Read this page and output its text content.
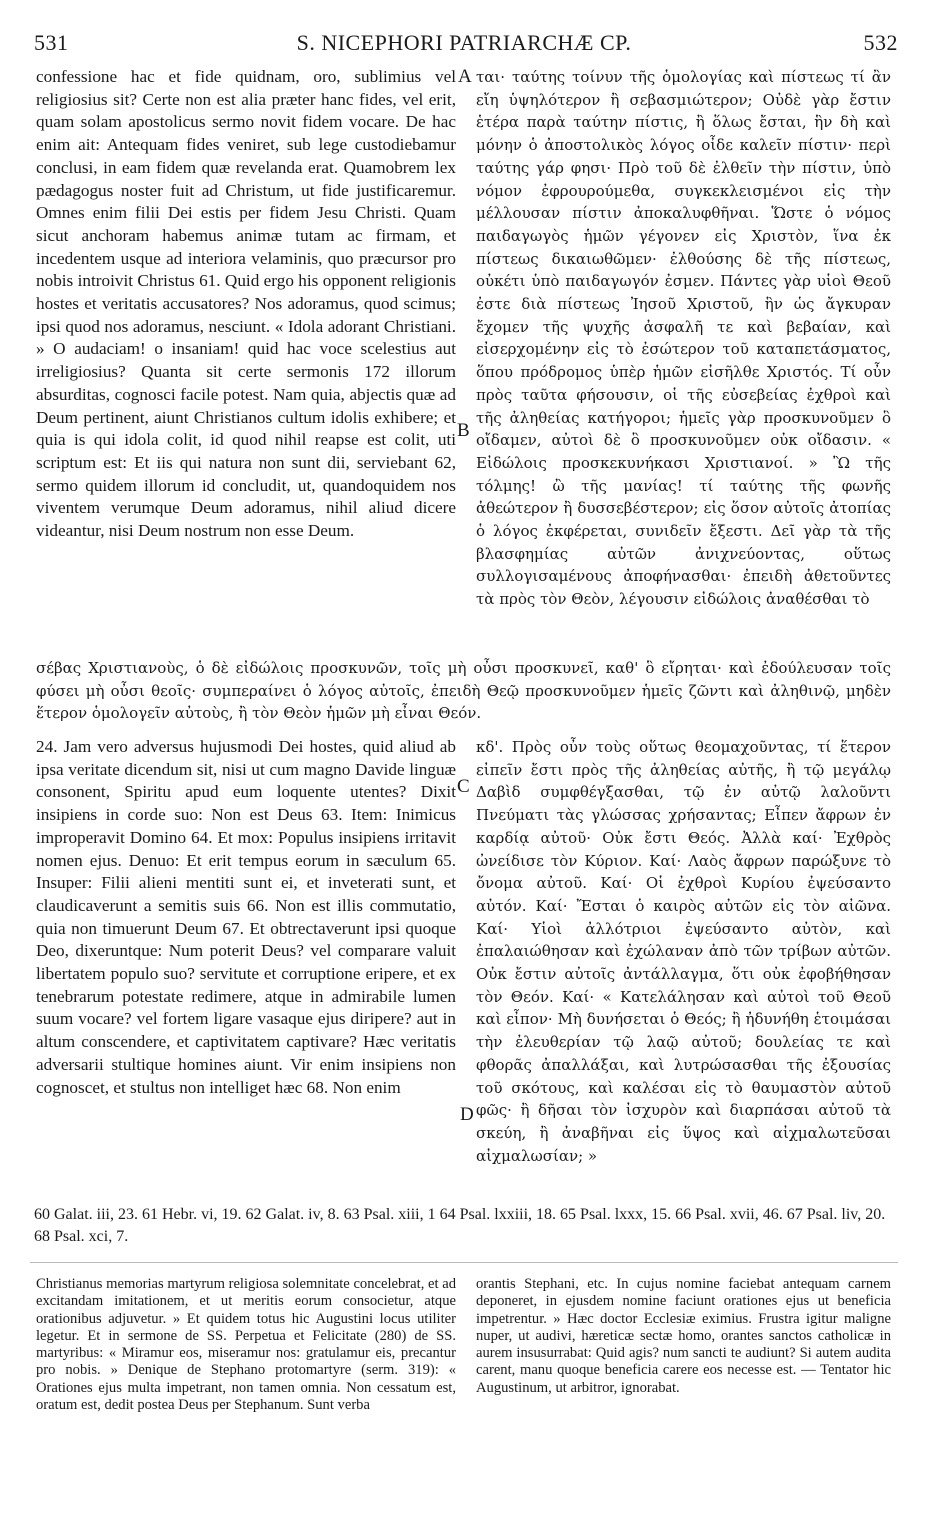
531	S. NICEPHORI PATRIARCHÆ CP.	532

confessione hac et fide quidnam, oro, sublimius vel religiosius sit? Certe non est alia præter hanc fides, vel erit, quam solam apostolicus sermo novit fidem vocare. De hac enim ait: Antequam fides veniret, sub lege custodiebamur conclusi, in eam fidem quæ revelanda erat. Quamobrem lex pædagogus noster fuit ad Christum, ut fide justificaremur. Omnes enim filii Dei estis per fidem Jesu Christi. Quam sicut anchoram habemus animæ tutam ac firmam, et incedentem usque ad interiora velaminis, quo præcursor pro nobis introivit Christus 61. Quid ergo his opponent religionis hostes et veritatis accusatores? Nos adoramus, quod scimus; ipsi quod nos adoramus, nesciunt. « Idola adorant Christiani. » O audaciam! o insaniam! quid hac voce scelestius aut irreligiosius? Quanta sit certe sermonis 172 illorum absurditas, cognosci facile potest. Nam quia, abjectis quæ ad Deum pertinent, aiunt Christianos cultum idolis exhibere; et quia is qui idola colit, id quod nihil reapse est colit, uti scriptum est: Et iis qui natura non sunt dii, serviebant 62, sermo quidem illorum id concludit, ut, quandoquidem nos viventem verumque Deum adoramus, nihil aliud dicere videantur, nisi Deum nostrum non esse Deum.

ται· ταύτης τοίνυν τῆς ὁμολογίας καὶ πίστεως τί ἂν εἴη ὑψηλότερον ἢ σεβασμιώτερον; Οὐδὲ γὰρ ἔστιν ἑτέρα παρὰ ταύτην πίστις, ἢ ὅλως ἔσται, ἣν δὴ καὶ μόνην ὁ ἀποστολικὸς λόγος οἶδε καλεῖν πίστιν· περὶ ταύτης γάρ φησι· Πρὸ τοῦ δὲ ἐλθεῖν τὴν πίστιν, ὑπὸ νόμον ἐφρουρούμεθα, συγκεκλεισμένοι εἰς τὴν μέλλουσαν πίστιν ἀποκαλυφθῆναι. Ὥστε ὁ νόμος παιδαγωγὸς ἡμῶν γέγονεν εἰς Χριστὸν, ἵνα ἐκ πίστεως δικαιωθῶμεν· ἐλθούσης δὲ τῆς πίστεως, οὐκέτι ὑπὸ παιδαγωγόν ἐσμεν. Πάντες γὰρ υἱοὶ Θεοῦ ἐστε διὰ πίστεως Ἰησοῦ Χριστοῦ, ἣν ὡς ἄγκυραν ἔχομεν τῆς ψυχῆς ἀσφαλῆ τε καὶ βεβαίαν, καὶ εἰσερχομένην εἰς τὸ ἐσώτερον τοῦ καταπετάσματος, ὅπου πρόδρομος ὑπὲρ ἡμῶν εἰσῆλθε Χριστός. Τί οὖν πρὸς ταῦτα φήσουσιν, οἱ τῆς εὐσεβείας ἐχθροὶ καὶ τῆς ἀληθείας κατήγοροι; ἡμεῖς γὰρ προσκυνοῦμεν ὃ οἴδαμεν, αὐτοὶ δὲ ὃ προσκυνοῦμεν οὐκ οἴδασιν. « Εἰδώλοις προσκεκυνήκασι Χριστιανοί. » Ὢ τῆς τόλμης! ὢ τῆς μανίας! τί ταύτης τῆς φωνῆς ἀθεώτερον ἢ δυσσεβέστερον; εἰς ὅσον αὐτοῖς ἀτοπίας ὁ λόγος ἐκφέρεται, συνιδεῖν ἔξεστι. Δεῖ γὰρ τὰ τῆς βλασφημίας αὐτῶν ἀνιχνεύοντας, οὕτως συλλογισαμένους ἀποφήνασθαι· ἐπειδὴ ἀθετοῦντες τὰ πρὸς τὸν Θεὸν, λέγουσιν εἰδώλοις ἀναθέσθαι τὸ

A
B
C
D

σέβας Χριστιανοὺς, ὁ δὲ εἰδώλοις προσκυνῶν, τοῖς μὴ οὖσι προσκυνεῖ, καθ' ὃ εἴρηται· καὶ ἐδούλευσαν τοῖς φύσει μὴ οὖσι θεοῖς· συμπεραίνει ὁ λόγος αὐτοῖς, ἐπειδὴ Θεῷ προσκυνοῦμεν ἡμεῖς ζῶντι καὶ ἀληθινῷ, μηδὲν ἕτερον ὁμολογεῖν αὐτοὺς, ἢ τὸν Θεὸν ἡμῶν μὴ εἶναι Θεόν.

24. Jam vero adversus hujusmodi Dei hostes, quid aliud ab ipsa veritate dicendum sit, nisi ut cum magno Davide linguæ consonent, Spiritu apud eum loquente utentes? Dixit insipiens in corde suo: Non est Deus 63. Item: Inimicus improperavit Domino 64. Et mox: Populus insipiens irritavit nomen ejus. Denuo: Et erit tempus eorum in sæculum 65. Insuper: Filii alieni mentiti sunt ei, et inveterati sunt, et claudicaverunt a semitis suis 66. Non est illis commutatio, quia non timuerunt Deum 67. Et obtrectaverunt ipsi quoque Deo, dixeruntque: Num poterit Deus? vel comparare valuit libertatem populo suo? servitute et corruptione eripere, et ex tenebrarum potestate redimere, atque in admirabile lumen suum vocare? vel fortem ligare vasaque ejus diripere? aut in altum conscendere, et captivitatem captivare? Hæc veritatis adversarii stultique homines aiunt. Vir enim insipiens non cognoscet, et stultus non intelliget hæc 68. Non enim

κδ'. Πρὸς οὖν τοὺς οὕτως θεομαχοῦντας, τί ἕτερον εἰπεῖν ἔστι πρὸς τῆς ἀληθείας αὐτῆς, ἢ τῷ μεγάλῳ Δαβὶδ συμφθέγξασθαι, τῷ ἐν αὐτῷ λαλοῦντι Πνεύματι τὰς γλώσσας χρήσαντας; Εἶπεν ἄφρων ἐν καρδίᾳ αὐτοῦ· Οὐκ ἔστι Θεός. Ἀλλὰ καί· Ἐχθρὸς ὠνείδισε τὸν Κύριον. Καί· Λαὸς ἄφρων παρώξυνε τὸ ὄνομα αὐτοῦ. Καί· Οἱ ἐχθροὶ Κυρίου ἐψεύσαντο αὐτόν. Καί· Ἔσται ὁ καιρὸς αὐτῶν εἰς τὸν αἰῶνα. Καί· Υἱοὶ ἀλλότριοι ἐψεύσαντο αὐτὸν, καὶ ἐπαλαιώθησαν καὶ ἐχώλαναν ἀπὸ τῶν τρίβων αὐτῶν. Οὐκ ἔστιν αὐτοῖς ἀντάλλαγμα, ὅτι οὐκ ἐφοβήθησαν τὸν Θεόν. Καί· « Κατελάλησαν καὶ αὐτοὶ τοῦ Θεοῦ καὶ εἶπον· Μὴ δυνήσεται ὁ Θεός; ἢ ἠδυνήθη ἑτοιμάσαι τὴν ἐλευθερίαν τῷ λαῷ αὐτοῦ; δουλείας τε καὶ φθορᾶς ἀπαλλάξαι, καὶ λυτρώσασθαι τῆς ἐξουσίας τοῦ σκότους, καὶ καλέσαι εἰς τὸ θαυμαστὸν αὐτοῦ φῶς· ἢ δῆσαι τὸν ἰσχυρὸν καὶ διαρπάσαι αὐτοῦ τὰ σκεύη, ἢ ἀναβῆναι εἰς ὕψος καὶ αἰχμαλωτεῦσαι αἰχμαλωσίαν; »

60 Galat. iii, 23. 61 Hebr. vi, 19. 62 Galat. iv, 8. 63 Psal. xiii, 1 64 Psal. lxxiii, 18. 65 Psal. lxxx, 15. 66 Psal. xvii, 46. 67 Psal. liv, 20. 68 Psal. xci, 7.

Christianus memorias martyrum religiosa solemnitate concelebrat, et ad excitandam imitationem, et ut meritis eorum consocietur, atque orationibus adjuvetur. » Et quidem totus hic Augustini locus utiliter legetur. Et in sermone de SS. Perpetua et Felicitate (280) de SS. martyribus: « Miramur eos, miseramur nos: gratulamur eis, precantur pro nobis. » Denique de Stephano protomartyre (serm. 319): « Orationes ejus multa impetrant, non tamen omnia. Non cessatum est, oratum est, dedit postea Deus per Stephanum. Sunt verba

orantis Stephani, etc. In cujus nomine faciebat antequam carnem deponeret, in ejusdem nomine faciunt orationes ejus ut beneficia impetrentur. » Hæc doctor Ecclesiæ eximius. Frustra igitur maligne nuper, ut audivi, hæreticæ sectæ homo, orantes sanctos catholicæ in aurem insusurrabat: Quid agis? num sancti te audiunt? Si autem audita carent, manu quoque beneficia carere eos necesse est. — Tentator hic Augustinum, ut arbitror, ignorabat.
